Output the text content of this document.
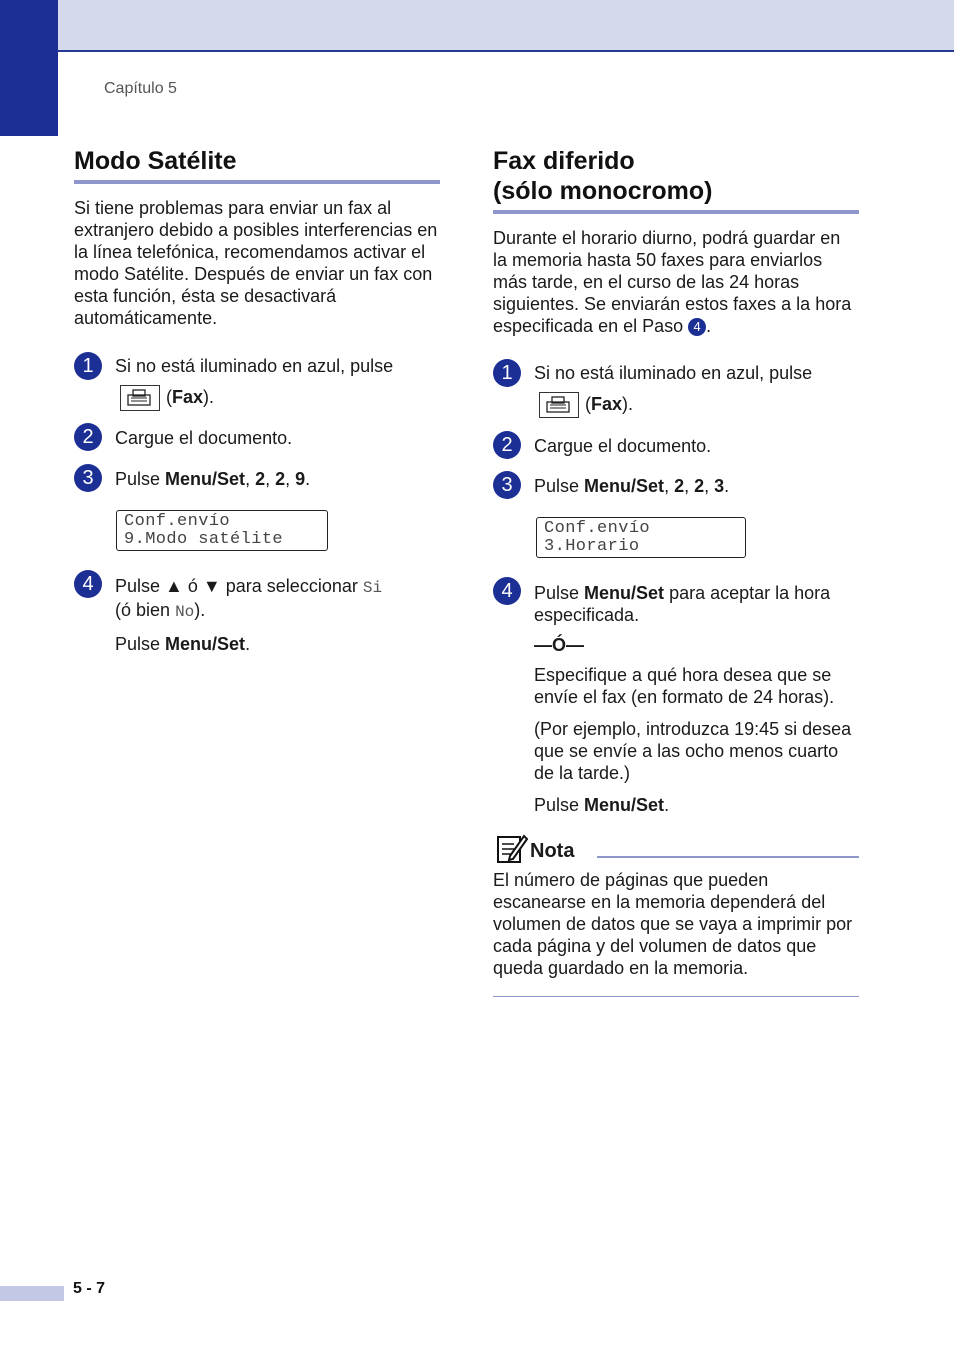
Capítulo 5
Modo Satélite
Si tiene problemas para enviar un fax al extranjero debido a posibles interferencias en la línea telefónica, recomendamos activar el modo Satélite. Después de enviar un fax con esta función, ésta se desactivará automáticamente.
1	Si no está iluminado en azul, pulse

(Fax).
2	Cargue el documento.
3	Pulse Menu/Set, 2, 2, 9.
Conf.envío
9.Modo satélite
4	Pulse ▲ ó ▼ para seleccionar Si
(ó bien No).
Pulse Menu/Set.
Fax diferido
(sólo monocromo)
Durante el horario diurno, podrá guardar en la memoria hasta 50 faxes para enviarlos más tarde, en el curso de las 24 horas siguientes. Se enviarán estos faxes a la hora especificada en el Paso 4 .
1	Si no está iluminado en azul, pulse

(Fax).
2	Cargue el documento.
3	Pulse Menu/Set, 2, 2, 3.
Conf.envío
3.Horario
4	Pulse Menu/Set para aceptar la hora especificada.
—Ó—
Especifique a qué hora desea que se envíe el fax (en formato de 24 horas).
(Por ejemplo, introduzca 19:45 si desea que se envíe a las ocho menos cuarto de la tarde.)
Pulse Menu/Set.
Nota
El número de páginas que pueden escanearse en la memoria dependerá del volumen de datos que se vaya a imprimir por cada página y del volumen de datos que queda guardado en la memoria.
5 - 7
